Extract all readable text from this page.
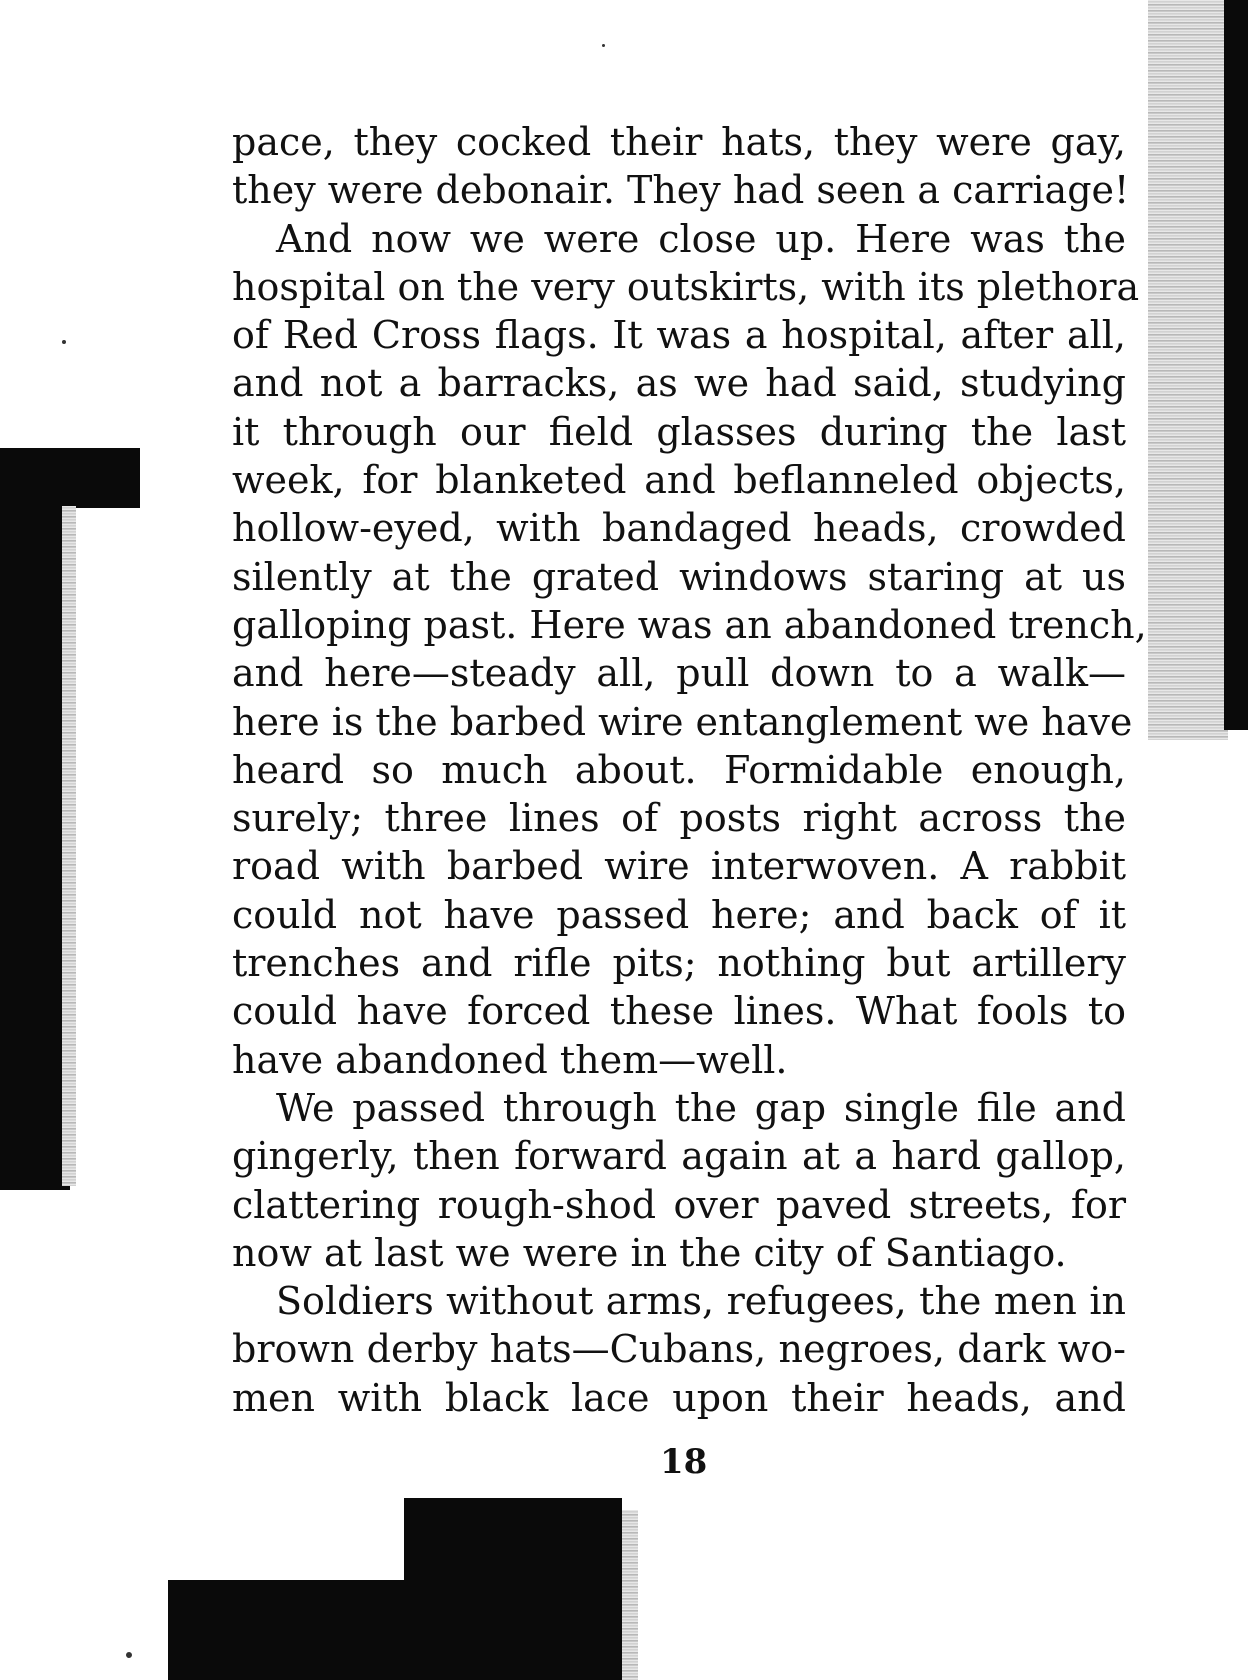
pace, they cocked their hats, they were gay,
they were debonair. They had seen a carriage!
And now we were close up. Here was the
hospital on the very outskirts, with its plethora
of Red Cross flags. It was a hospital, after all,
and not a barracks, as we had said, studying
it through our field glasses during the last
week, for blanketed and beflanneled objects,
hollow-eyed, with bandaged heads, crowded
silently at the grated windows staring at us
galloping past. Here was an abandoned trench,
and here—steady all, pull down to a walk—
here is the barbed wire entanglement we have
heard so much about. Formidable enough,
surely; three lines of posts right across the
road with barbed wire interwoven. A rabbit
could not have passed here; and back of it
trenches and rifle pits; nothing but artillery
could have forced these lines. What fools to
have abandoned them—well.
We passed through the gap single file and
gingerly, then forward again at a hard gallop,
clattering rough-shod over paved streets, for
now at last we were in the city of Santiago.
Soldiers without arms, refugees, the men in
brown derby hats—Cubans, negroes, dark wo-
men with black lace upon their heads, and
18
